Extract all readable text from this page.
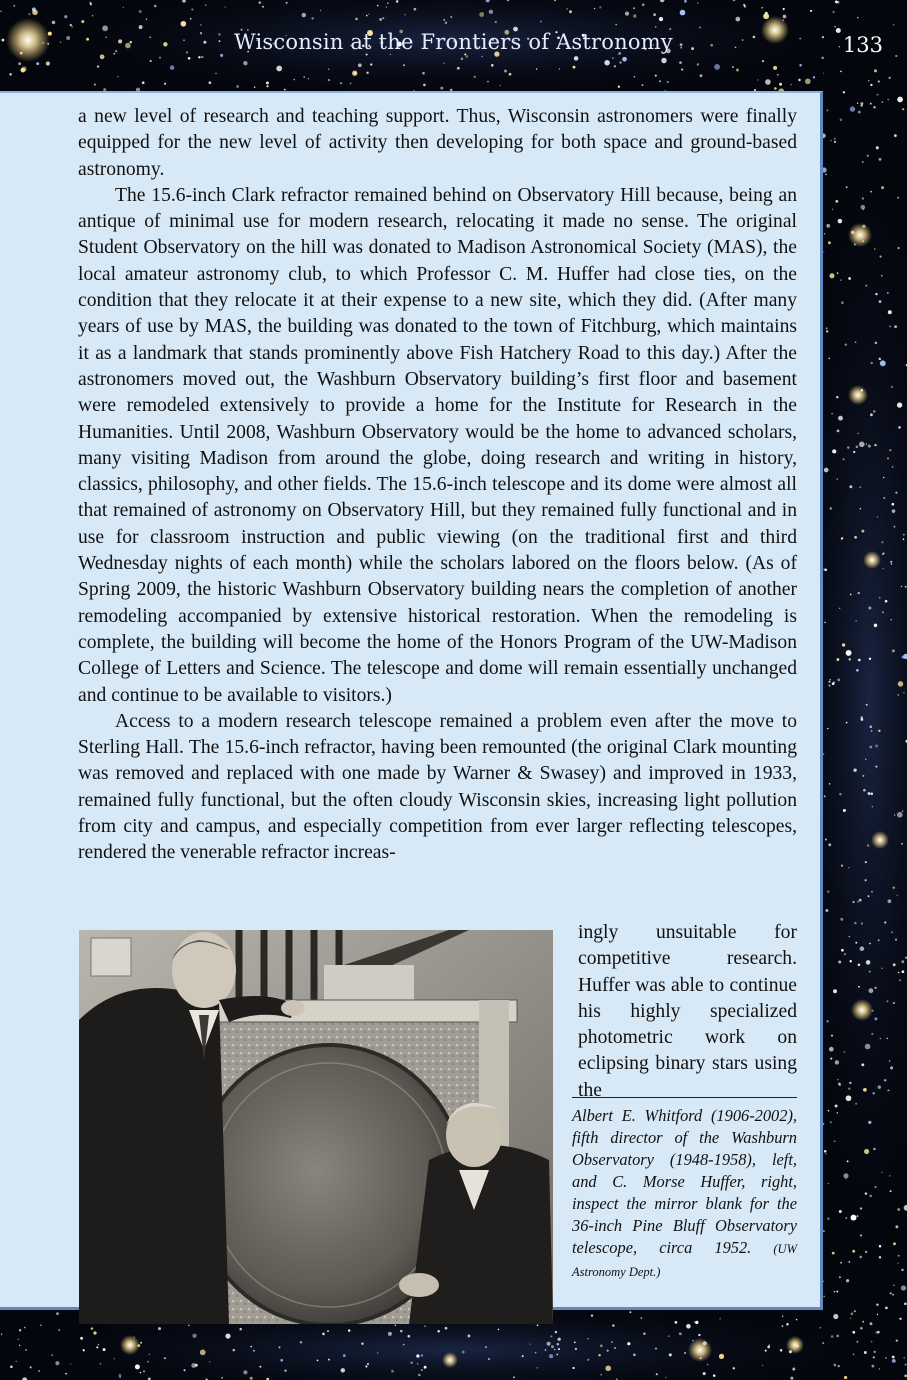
Wisconsin at the Frontiers of Astronomy	133

a new level of research and teaching support. Thus, Wisconsin astronomers were finally equipped for the new level of activity then developing for both space and ground-based astronomy.

The 15.6-inch Clark refractor remained behind on Observatory Hill because, being an antique of minimal use for modern research, relocating it made no sense. The original Student Observatory on the hill was donated to Madison Astronomical Society (MAS), the local amateur astronomy club, to which Professor C. M. Huffer had close ties, on the condition that they relocate it at their expense to a new site, which they did. (After many years of use by MAS, the building was donated to the town of Fitchburg, which maintains it as a landmark that stands prominently above Fish Hatchery Road to this day.) After the astronomers moved out, the Washburn Observatory building’s first floor and basement were remodeled extensively to provide a home for the Institute for Research in the Humanities. Until 2008, Washburn Observatory would be the home to advanced scholars, many visiting Madison from around the globe, doing research and writing in history, classics, philosophy, and other fields. The 15.6-inch telescope and its dome were almost all that remained of astronomy on Observatory Hill, but they remained fully functional and in use for classroom instruction and public viewing (on the traditional first and third Wednesday nights of each month) while the scholars labored on the floors below. (As of Spring 2009, the historic Washburn Observatory building nears the completion of another remodeling accompanied by extensive historical restoration. When the remodeling is complete, the building will become the home of the Honors Program of the UW-Madison College of Letters and Science. The telescope and dome will remain essentially unchanged and continue to be available to visitors.)

Access to a modern research telescope remained a problem even after the move to Sterling Hall. The 15.6-inch refractor, having been remounted (the original Clark mounting was removed and replaced with one made by Warner & Swasey) and improved in 1933, remained fully functional, but the often cloudy Wisconsin skies, increasing light pollution from city and campus, and especially competition from ever larger reflecting telescopes, rendered the venerable refractor increas-

ingly unsuitable for competitive research. Huffer was able to continue his highly specialized photometric work on eclipsing binary stars using the

Albert E. Whitford (1906-2002), fifth director of the Washburn Observatory (1948-1958), left, and C. Morse Huffer, right, inspect the mirror blank for the 36-inch Pine Bluff Observatory telescope, circa 1952. (UW Astronomy Dept.)
